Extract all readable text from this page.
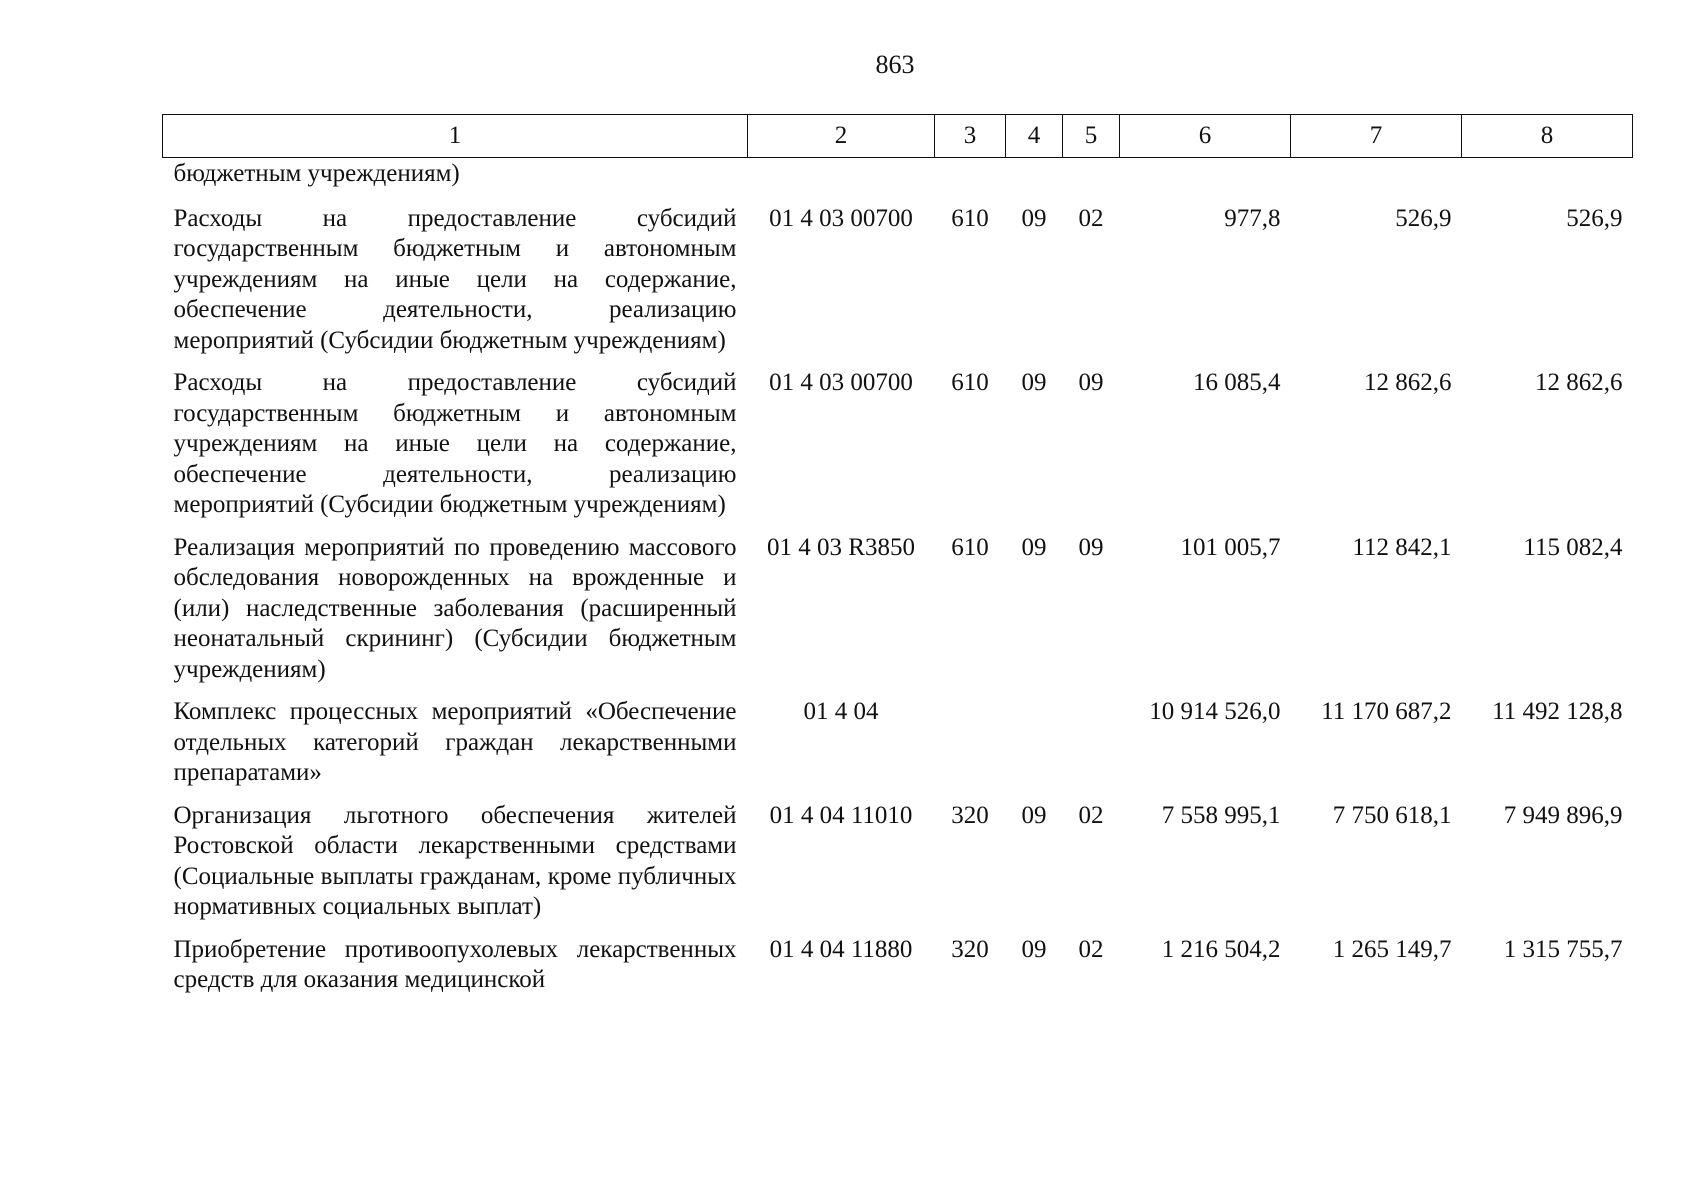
863
1	2	3	4	5	6	7	8
бюджетным учреждениям)							
Расходы на предоставление субсидий государственным бюджетным и автономным учреждениям на иные цели на содержание, обеспечение деятельности, реализацию мероприятий (Субсидии бюджетным учреждениям)	01 4 03 00700	610	09	02	977,8	526,9	526,9
Расходы на предоставление субсидий государственным бюджетным и автономным учреждениям на иные цели на содержание, обеспечение деятельности, реализацию мероприятий (Субсидии бюджетным учреждениям)	01 4 03 00700	610	09	09	16 085,4	12 862,6	12 862,6
Реализация мероприятий по проведению массового обследования новорожденных на врожденные и (или) наследственные заболевания (расширенный неонатальный скрининг) (Субсидии бюджетным учреждениям)	01 4 03 R3850	610	09	09	101 005,7	112 842,1	115 082,4
Комплекс процессных мероприятий «Обеспечение отдельных категорий граждан лекарственными препаратами»	01 4 04				10 914 526,0	11 170 687,2	11 492 128,8
Организация льготного обеспечения жителей Ростовской области лекарственными средствами (Социальные выплаты гражданам, кроме публичных нормативных социальных выплат)	01 4 04 11010	320	09	02	7 558 995,1	7 750 618,1	7 949 896,9
Приобретение противоопухолевых лекарственных средств для оказания медицинской	01 4 04 11880	320	09	02	1 216 504,2	1 265 149,7	1 315 755,7
